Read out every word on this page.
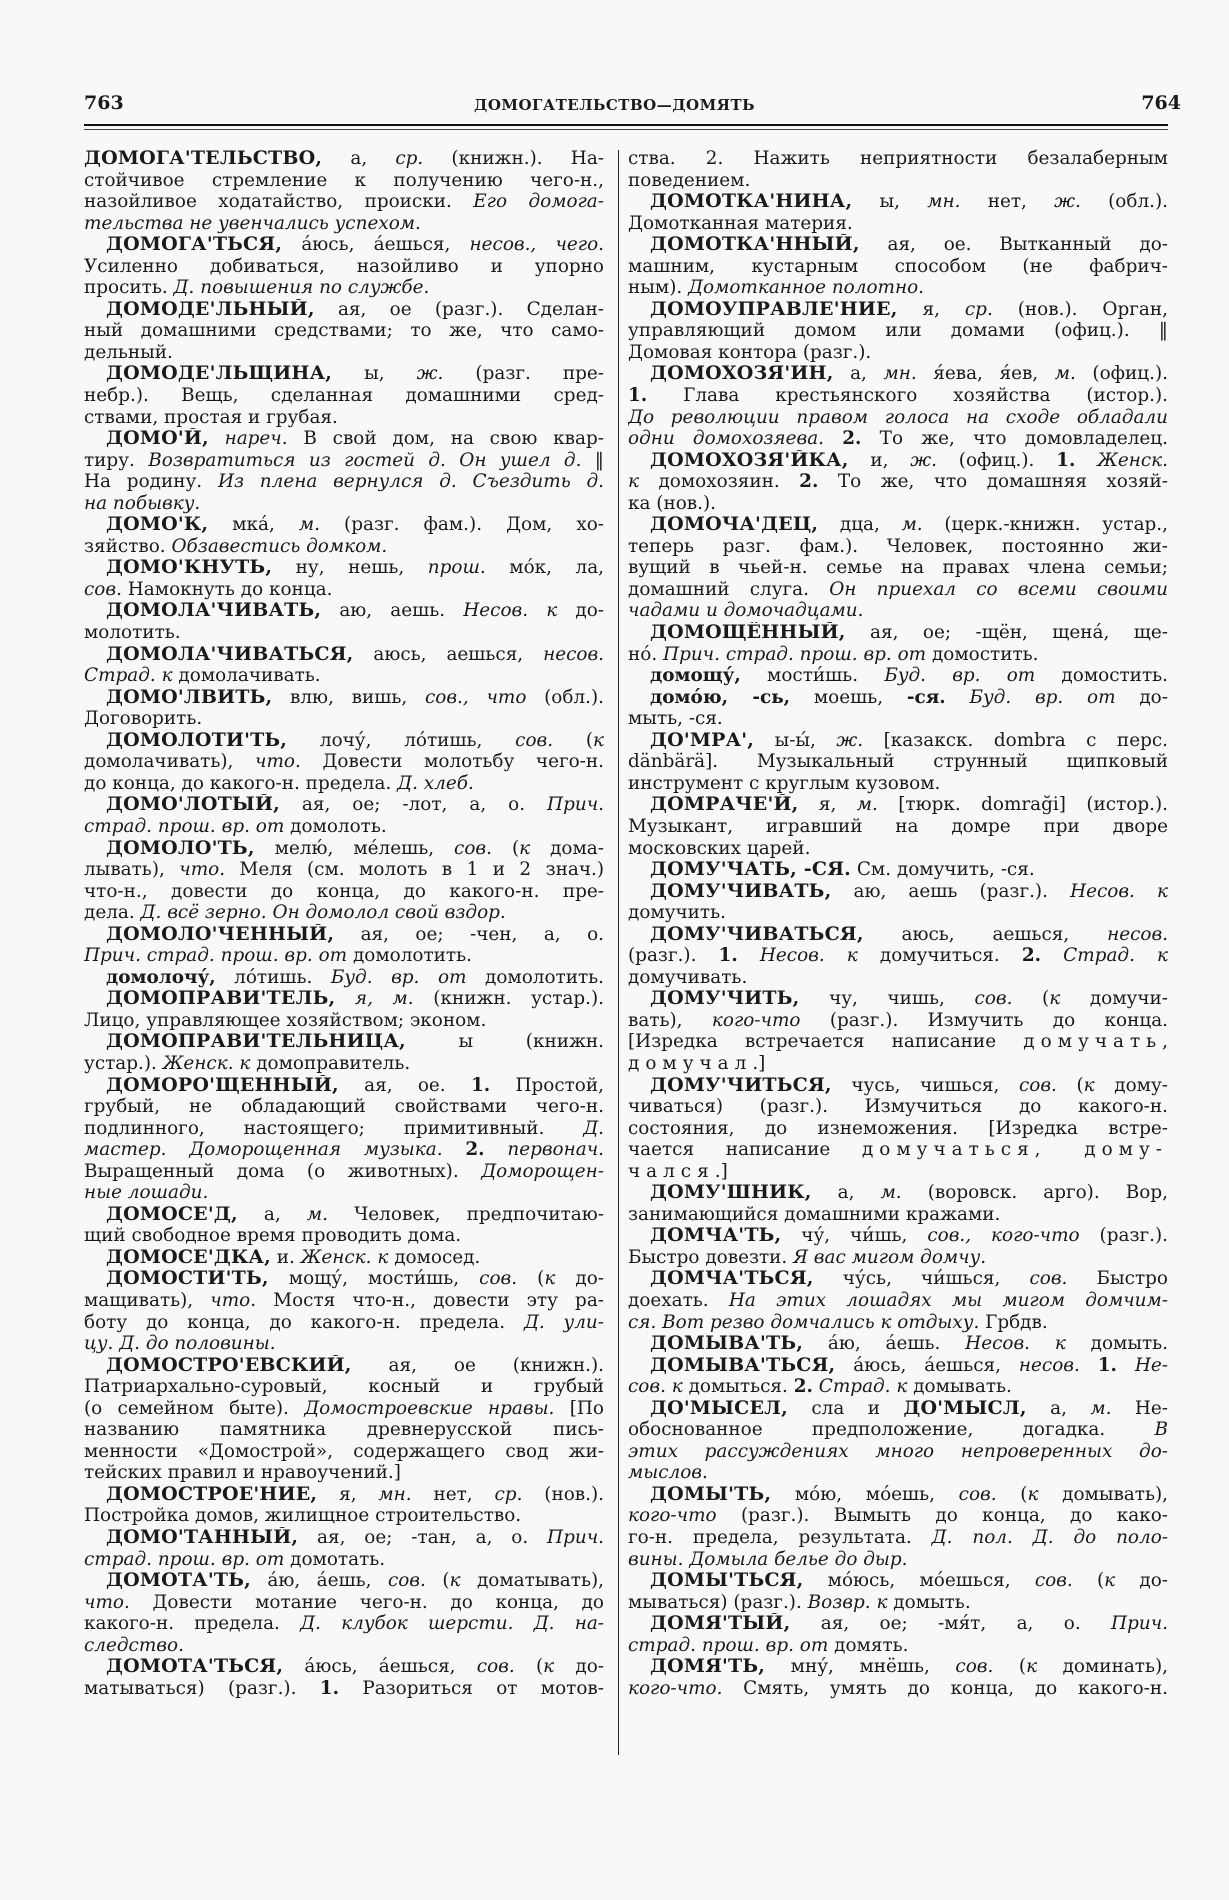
763	ДОМОГАТЕЛЬСТВО—ДОМЯТЬ	764
ДОМОГА'ТЕЛЬСТВО, а, ср. (книжн.). На-
стойчивое стремление к получению чего-н.,
назойливое ходатайство, происки. Его домога-
тельства не увенчались успехом.
ДОМОГА'ТЬСЯ, а́юсь, а́ешься, несов., чего.
Усиленно добиваться, назойливо и упорно
просить. Д. повышения по службе.
ДОМОДЕ'ЛЬНЫЙ, ая, ое (разг.). Сделан-
ный домашними средствами; то же, что само-
дельный.
ДОМОДЕ'ЛЬЩИНА, ы, ж. (разг. пре-
небр.). Вещь, сделанная домашними сред-
ствами, простая и грубая.
ДОМО'Й, нареч. В свой дом, на свою квар-
тиру. Возвратиться из гостей д. Он ушел д. ‖
На родину. Из плена вернулся д. Съездить д.
на побывку.
ДОМО'К, мка́, м. (разг. фам.). Дом, хо-
зяйство. Обзавестись домком.
ДОМО'КНУТЬ, ну, нешь, прош. мо́к, ла,
сов. Намокнуть до конца.
ДОМОЛА'ЧИВАТЬ, аю, аешь. Несов. к до-
молотить.
ДОМОЛА'ЧИВАТЬСЯ, аюсь, аешься, несов.
Страд. к домолачивать.
ДОМО'ЛВИТЬ, влю, вишь, сов., что (обл.).
Договорить.
ДОМОЛОТИ'ТЬ, лочу́, ло́тишь, сов. (к
домолачивать), что. Довести молотьбу чего-н.
до конца, до какого-н. предела. Д. хлеб.
ДОМО'ЛОТЫЙ, ая, ое; -лот, а, о. Прич.
страд. прош. вр. от домолоть.
ДОМОЛО'ТЬ, мелю́, ме́лешь, сов. (к дома-
лывать), что. Меля (см. молоть в 1 и 2 знач.)
что-н., довести до конца, до какого-н. пре-
дела. Д. всё зерно. Он домолол свой вздор.
ДОМОЛО'ЧЕННЫЙ, ая, ое; -чен, а, о.
Прич. страд. прош. вр. от домолотить.
домолочу́, ло́тишь. Буд. вр. от домолотить.
ДОМОПРАВИ'ТЕЛЬ, я, м. (книжн. устар.).
Лицо, управляющее хозяйством; эконом.
ДОМОПРАВИ'ТЕЛЬНИЦА, ы (книжн.
устар.). Женск. к домоправитель.
ДОМОРО'ЩЕННЫЙ, ая, ое. 1. Простой,
грубый, не обладающий свойствами чего-н.
подлинного, настоящего; примитивный. Д.
мастер. Доморощенная музыка. 2. первонач.
Выращенный дома (о животных). Доморощен-
ные лошади.
ДОМОСЕ'Д, а, м. Человек, предпочитаю-
щий свободное время проводить дома.
ДОМОСЕ'ДКА, и. Женск. к домосед.
ДОМОСТИ'ТЬ, мощу́, мости́шь, сов. (к до-
мащивать), что. Мостя что-н., довести эту ра-
боту до конца, до какого-н. предела. Д. ули-
цу. Д. до половины.
ДОМОСТРО'ЕВСКИЙ, ая, ое (книжн.).
Патриархально-суровый, косный и грубый
(о семейном быте). Домостроевские нравы. [По
названию памятника древнерусской пись-
менности «Домострой», содержащего свод жи-
тейских правил и нравоучений.]
ДОМОСТРОЕ'НИЕ, я, мн. нет, ср. (нов.).
Постройка домов, жилищное строительство.
ДОМО'ТАННЫЙ, ая, ое; -тан, а, о. Прич.
страд. прош. вр. от домотать.
ДОМОТА'ТЬ, а́ю, а́ешь, сов. (к доматывать),
что. Довести мотание чего-н. до конца, до
какого-н. предела. Д. клубок шерсти. Д. на-
следство.
ДОМОТА'ТЬСЯ, а́юсь, а́ешься, сов. (к до-
матываться) (разг.). 1. Разориться от мотов-
ства. 2. Нажить неприятности безалаберным
поведением.
ДОМОТКА'НИНА, ы, мн. нет, ж. (обл.).
Домотканная материя.
ДОМОТКА'ННЫЙ, ая, ое. Вытканный до-
машним, кустарным способом (не фабрич-
ным). Домотканное полотно.
ДОМОУПРАВЛЕ'НИЕ, я, ср. (нов.). Орган,
управляющий домом или домами (офиц.). ‖
Домовая контора (разг.).
ДОМОХОЗЯ'ИН, а, мн. я́ева, я́ев, м. (офиц.).
1. Глава крестьянского хозяйства (истор.).
До революции правом голоса на сходе обладали
одни домохозяева. 2. То же, что домовладелец.
ДОМОХОЗЯ'ЙКА, и, ж. (офиц.). 1. Женск.
к домохозяин. 2. То же, что домашняя хозяй-
ка (нов.).
ДОМОЧА'ДЕЦ, дца, м. (церк.-книжн. устар.,
теперь разг. фам.). Человек, постоянно жи-
вущий в чьей-н. семье на правах члена семьи;
домашний слуга. Он приехал со всеми своими
чадами и домочадцами.
ДОМОЩЁННЫЙ, ая, ое; -щён, щена́, ще-
но́. Прич. страд. прош. вр. от домостить.
домощу́, мости́шь. Буд. вр. от домостить.
домо́ю, -сь, моешь, -ся. Буд. вр. от до-
мыть, -ся.
ДО'МРА', ы-ы́, ж. [казакск. dombra с перс.
dänbärä]. Музыкальный струнный щипковый
инструмент с круглым кузовом.
ДОМРАЧЕ'Й, я, м. [тюрк. domraği] (истор.).
Музыкант, игравший на домре при дворе
московских царей.
ДОМУ'ЧАТЬ, -СЯ. См. домучить, -ся.
ДОМУ'ЧИВАТЬ, аю, аешь (разг.). Несов. к
домучить.
ДОМУ'ЧИВАТЬСЯ, аюсь, аешься, несов.
(разг.). 1. Несов. к домучиться. 2. Страд. к
домучивать.
ДОМУ'ЧИТЬ, чу, чишь, сов. (к домучи-
вать), кого-что (разг.). Измучить до конца.
[Изредка встречается написание домучать,
домучал.]
ДОМУ'ЧИТЬСЯ, чусь, чишься, сов. (к дому-
чиваться) (разг.). Измучиться до какого-н.
состояния, до изнеможения. [Изредка встре-
чается написание домучаться, дому-
чался.]
ДОМУ'ШНИК, а, м. (воровск. арго). Вор,
занимающийся домашними кражами.
ДОМЧА'ТЬ, чу́, чи́шь, сов., кого-что (разг.).
Быстро довезти. Я вас мигом домчу.
ДОМЧА'ТЬСЯ, чу́сь, чи́шься, сов. Быстро
доехать. На этих лошадях мы мигом домчим-
ся. Вот резво домчались к отдыху. Грбдв.
ДОМЫВА'ТЬ, а́ю, а́ешь. Несов. к домыть.
ДОМЫВА'ТЬСЯ, а́юсь, а́ешься, несов. 1. Не-
сов. к домыться. 2. Страд. к домывать.
ДО'МЫСЕЛ, сла и ДО'МЫСЛ, а, м. Не-
обоснованное предположение, догадка. В
этих рассуждениях много непроверенных до-
мыслов.
ДОМЫ'ТЬ, мо́ю, мо́ешь, сов. (к домывать),
кого-что (разг.). Вымыть до конца, до како-
го-н. предела, результата. Д. пол. Д. до поло-
вины. Домыла белье до дыр.
ДОМЫ'ТЬСЯ, мо́юсь, мо́ешься, сов. (к до-
мываться) (разг.). Возвр. к домыть.
ДОМЯ'ТЫЙ, ая, ое; -мя́т, а, о. Прич.
страд. прош. вр. от домять.
ДОМЯ'ТЬ, мну́, мнёшь, сов. (к доминать),
кого-что. Смять, умять до конца, до какого-н.
